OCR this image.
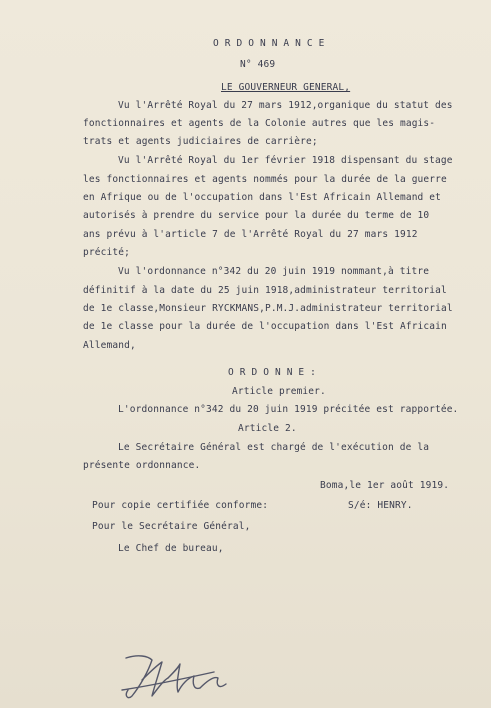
O R D O N N A N C E
N° 469
LE GOUVERNEUR GENERAL,
Vu l'Arrêté Royal du 27 mars 1912,organique du statut des
fonctionnaires et agents de la Colonie autres que les magis-
trats et agents judiciaires de carrière;
Vu l'Arrêté Royal du 1er février 1918 dispensant du stage
les fonctionnaires et agents nommés pour la durée de la guerre
en Afrique ou de l'occupation dans l'Est Africain Allemand et
autorisés à prendre du service pour la durée du terme de 10
ans prévu à l'article 7 de l'Arrêté Royal du 27 mars 1912
précité;
Vu l'ordonnance n°342 du 20 juin 1919 nommant,à titre
définitif à la date du 25 juin 1918,administrateur territorial
de 1e classe,Monsieur RYCKMANS,P.M.J.administrateur territorial
de 1e classe pour la durée de l'occupation dans l'Est Africain
Allemand,
O R D O N N E :
Article premier.
L'ordonnance n°342 du 20 juin 1919 précitée est rapportée.
Article 2.
Le Secrétaire Général est chargé de l'exécution de la
présente ordonnance.
Boma,le 1er août 1919.
Pour copie certifiée conforme:	S/é: HENRY.
Pour le Secrétaire Général,
Le Chef de bureau,
